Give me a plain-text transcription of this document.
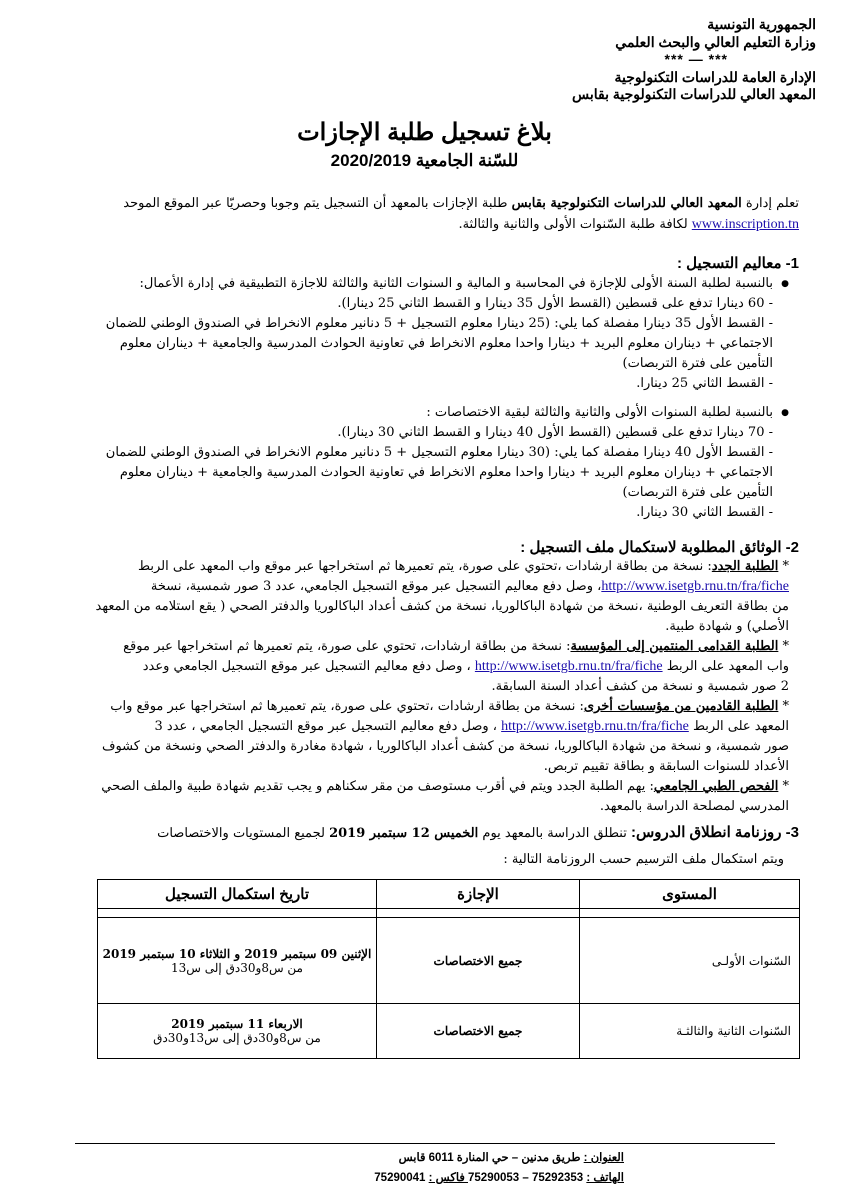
الجمهورية التونسية
وزارة التعليم العالي والبحث العلمي
*** — ***
الإدارة العامة للدراسات التكنولوجية
المعهد العالي للدراسات التكنولوجية بقابس
بلاغ تسجيل طلبة الإجازات
للسّنة الجامعية 2020/2019
تعلم إدارة المعهد العالي للدراسات التكنولوجية بقابس طلبة الإجازات بالمعهد أن التسجيل يتم وجوبا وحصريّا عبر الموقع الموحد
www.inscription.tn لكافة طلبة السّنوات الأولى والثانية والثالثة.
1- معاليم التسجيل :
● بالنسبة لطلبة السنة الأولى للإجازة في المحاسبة و المالية و السنوات الثانية والثالثة للاجازة التطبيقية في إدارة الأعمال:
- 60 دينارا تدفع على قسطين (القسط الأول 35 دينارا و القسط الثاني 25 دينارا).
- القسط الأول 35 دينارا مفصلة كما يلي: (25 دينارا معلوم التسجيل + 5 دنانير معلوم الانخراط في الصندوق الوطني للضمان
الاجتماعي + ديناران معلوم البريد + دينارا واحدا معلوم الانخراط في تعاونية الحوادث المدرسية والجامعية + ديناران معلوم
التأمين على فترة التربصات)
- القسط الثاني 25 دينارا.
● بالنسبة لطلبة السنوات الأولى والثانية والثالثة لبقية الاختصاصات :
- 70 دينارا تدفع على قسطين (القسط الأول 40 دينارا و القسط الثاني 30 دينارا).
- القسط الأول 40 دينارا مفصلة كما يلي: (30 دينارا معلوم التسجيل + 5 دنانير معلوم الانخراط في الصندوق الوطني للضمان
الاجتماعي + ديناران معلوم البريد + دينارا واحدا معلوم الانخراط في تعاونية الحوادث المدرسية والجامعية + ديناران معلوم
التأمين على فترة التربصات)
- القسط الثاني 30 دينارا.
2- الوثائق المطلوبة لاستكمال ملف التسجيل :
* الطلبة الجدد: نسخة من بطاقة ارشادات ،تحتوي على صورة، يتم تعميرها ثم استخراجها عبر موقع واب المعهد على الربط
http://www.isetgb.rnu.tn/fra/fiche، وصل دفع معاليم التسجيل عبر موقع التسجيل الجامعي، عدد 3 صور شمسية، نسخة
من بطاقة التعريف الوطنية ،نسخة من شهادة الباكالوريا، نسخة من كشف أعداد الباكالوريا والدفتر الصحي ( يقع استلامه من المعهد
الأصلي) و شهادة طبية.
* الطلبة القدامى المنتمين إلى المؤسسة: نسخة من بطاقة ارشادات، تحتوي على صورة، يتم تعميرها ثم استخراجها عبر موقع
واب المعهد على الربط http://www.isetgb.rnu.tn/fra/fiche ، وصل دفع معاليم التسجيل عبر موقع التسجيل الجامعي وعدد
2 صور شمسية و نسخة من كشف أعداد السنة السابقة.
* الطلبة القادمين من مؤسسات أخرى: نسخة من بطاقة ارشادات ،تحتوي على صورة، يتم تعميرها ثم استخراجها عبر موقع واب
المعهد على الربط http://www.isetgb.rnu.tn/fra/fiche ، وصل دفع معاليم التسجيل عبر موقع التسجيل الجامعي ، عدد 3
صور شمسية، و نسخة من شهادة الباكالوريا، نسخة من كشف أعداد الباكالوريا ، شهادة مغادرة والدفتر الصحي ونسخة من كشوف
الأعداد للسنوات السابقة و بطاقة تقييم تربص.
* الفحص الطبي الجامعي: يهم الطلبة الجدد ويتم في أقرب مستوصف من مقر سكناهم و يجب تقديم شهادة طبية والملف الصحي
المدرسي لمصلحة الدراسة بالمعهد.
3- روزنامة انطلاق الدروس: تنطلق الدراسة بالمعهد يوم الخميس 12 سبتمبر 2019 لجميع المستويات والاختصاصات
ويتم استكمال ملف الترسيم حسب الروزنامة التالية :
المستوى	الإجازة	تاريخ استكمال التسجيل

السّنوات الأولـى	جميع الاختصاصات	الإثنين 09 سبتمبر 2019 و الثلاثاء 10 سبتمبر 2019
من س8و30دق إلى س13

السّنوات الثانية والثالثـة	جميع الاختصاصات	الاربعاء 11 سبتمبر 2019
من س8و30دق إلى س13و30دق
العنوان : طريق مدنين – حي المنارة 6011 قابس
الهاتف : 75292353 – 75290053 فاكس : 75290041
